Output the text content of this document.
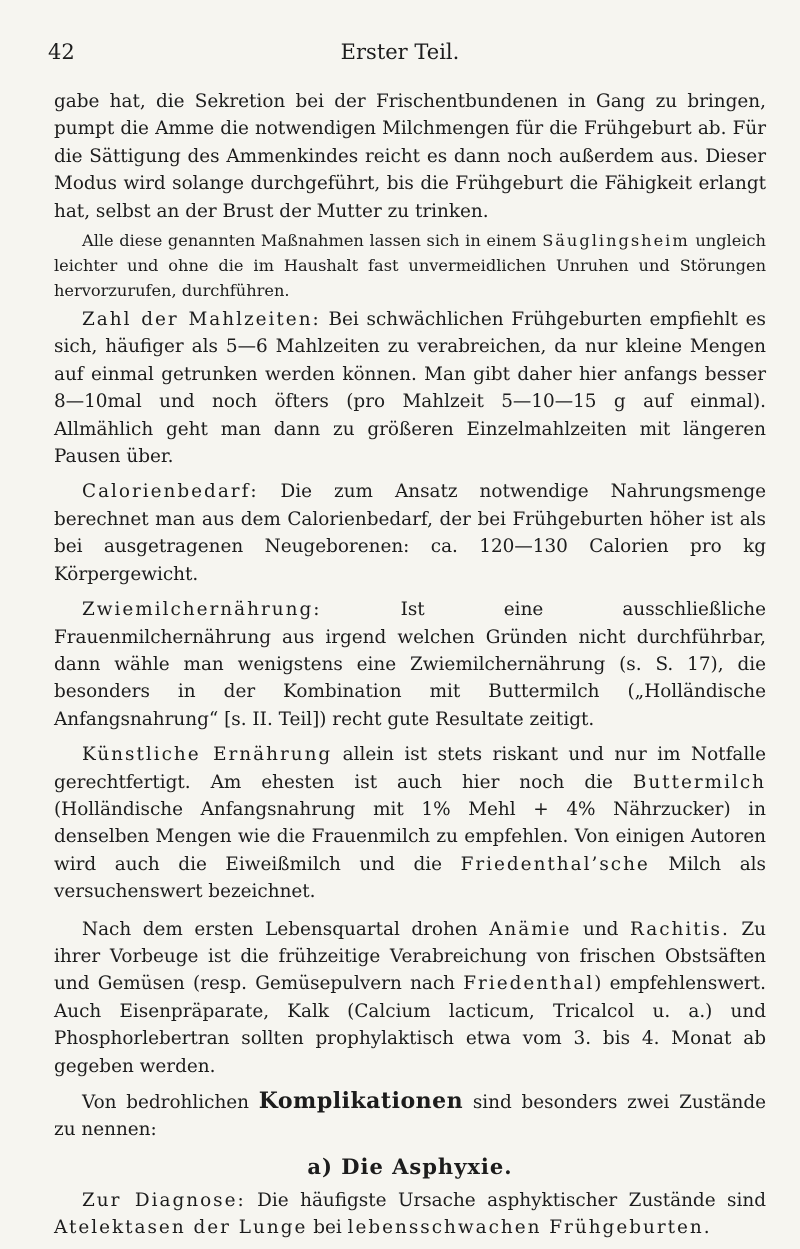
42	Erster Teil.

gabe hat, die Sekretion bei der Frischentbundenen in Gang zu bringen, pumpt die Amme die notwendigen Milchmengen für die Frühgeburt ab. Für die Sättigung des Ammenkindes reicht es dann noch außerdem aus. Dieser Modus wird solange durchgeführt, bis die Frühgeburt die Fähigkeit erlangt hat, selbst an der Brust der Mutter zu trinken.

Alle diese genannten Maßnahmen lassen sich in einem Säuglingsheim ungleich leichter und ohne die im Haushalt fast unvermeidlichen Unruhen und Störungen hervorzurufen, durchführen.

Zahl der Mahlzeiten: Bei schwächlichen Frühgeburten empfiehlt es sich, häufiger als 5—6 Mahlzeiten zu verabreichen, da nur kleine Mengen auf einmal getrunken werden können. Man gibt daher hier anfangs besser 8—10mal und noch öfters (pro Mahlzeit 5—10—15 g auf einmal). Allmählich geht man dann zu größeren Einzelmahlzeiten mit längeren Pausen über.

Calorienbedarf: Die zum Ansatz notwendige Nahrungsmenge berechnet man aus dem Calorienbedarf, der bei Frühgeburten höher ist als bei ausgetragenen Neugeborenen: ca. 120—130 Calorien pro kg Körpergewicht.

Zwiemilchernährung: Ist eine ausschließliche Frauenmilchernährung aus irgend welchen Gründen nicht durchführbar, dann wähle man wenigstens eine Zwiemilchernährung (s. S. 17), die besonders in der Kombination mit Buttermilch („Holländische Anfangsnahrung“ [s. II. Teil]) recht gute Resultate zeitigt.

Künstliche Ernährung allein ist stets riskant und nur im Notfalle gerechtfertigt. Am ehesten ist auch hier noch die Buttermilch (Holländische Anfangsnahrung mit 1% Mehl + 4% Nährzucker) in denselben Mengen wie die Frauenmilch zu empfehlen. Von einigen Autoren wird auch die Eiweißmilch und die Friedenthal’sche Milch als versuchenswert bezeichnet.

Nach dem ersten Lebensquartal drohen Anämie und Rachitis. Zu ihrer Vorbeuge ist die frühzeitige Verabreichung von frischen Obstsäften und Gemüsen (resp. Gemüsepulvern nach Friedenthal) empfehlenswert. Auch Eisenpräparate, Kalk (Calcium lacticum, Tricalcol u. a.) und Phosphorlebertran sollten prophylaktisch etwa vom 3. bis 4. Monat ab gegeben werden.

Von bedrohlichen Komplikationen sind besonders zwei Zustände zu nennen:

a) Die Asphyxie.

Zur Diagnose: Die häufigste Ursache asphyktischer Zustände sind Atelektasen der Lunge bei lebensschwachen Frühgeburten.
